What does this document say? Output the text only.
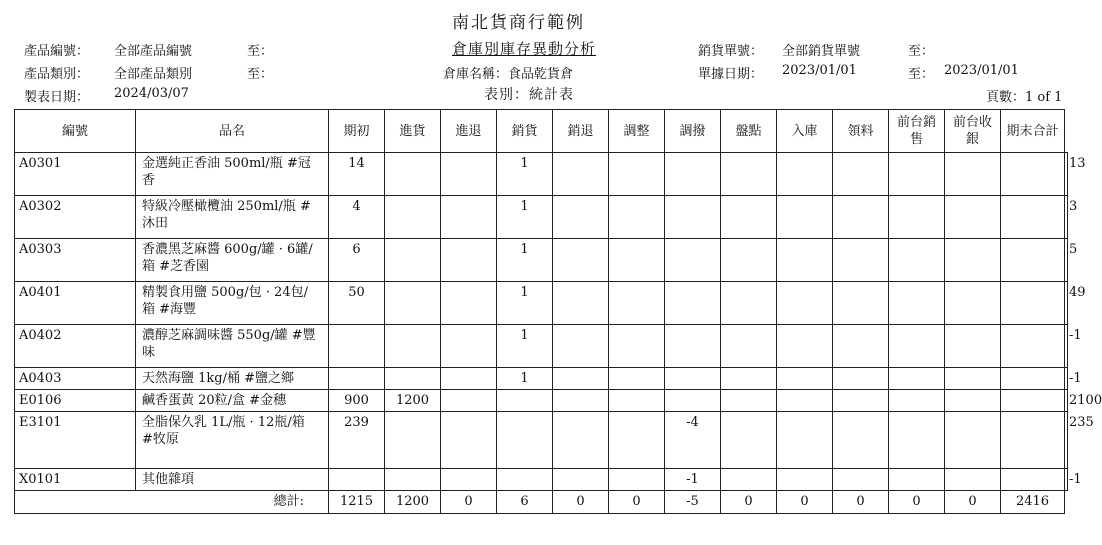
南北貨商行範例
產品編號： 全部產品編號	至：	倉庫別庫存異動分析	銷貨單號： 全部銷貨單號	至：
產品類別： 全部產品類別	至：	倉庫名稱：食品乾貨倉	單據日期： 2023/01/01	至： 2023/01/01
製表日期： 2024/03/07	表別：統計表	頁數：1 of 1
編號	品名	期初	進貨	進退	銷貨	銷退	調整	調撥	盤點	入庫	領料	前台銷售	前台收銀	期末合計	
A0301	金選純正香油 500ml/瓶 #冠香	14			1										13
A0302	特級冷壓橄欖油 250ml/瓶 #沐田	4			1										3
A0303	香濃黑芝麻醬 600g/罐 · 6罐/箱 #芝香園	6			1										5
A0401	精製食用鹽 500g/包 · 24包/箱 #海豐	50			1										49
A0402	濃醇芝麻調味醬 550g/罐 #豐味				1										-1
A0403	天然海鹽 1kg/桶 #鹽之鄉				1										-1
E0106	鹹香蛋黃 20粒/盒 #金穗	900	1200												2100
E3101	全脂保久乳 1L/瓶 · 12瓶/箱 #牧原	239						-4							235
X0101	其他雜項							-1							-1
總計:		1215	1200	0	6	0	0	-5	0	0	0	0	0	2416	
